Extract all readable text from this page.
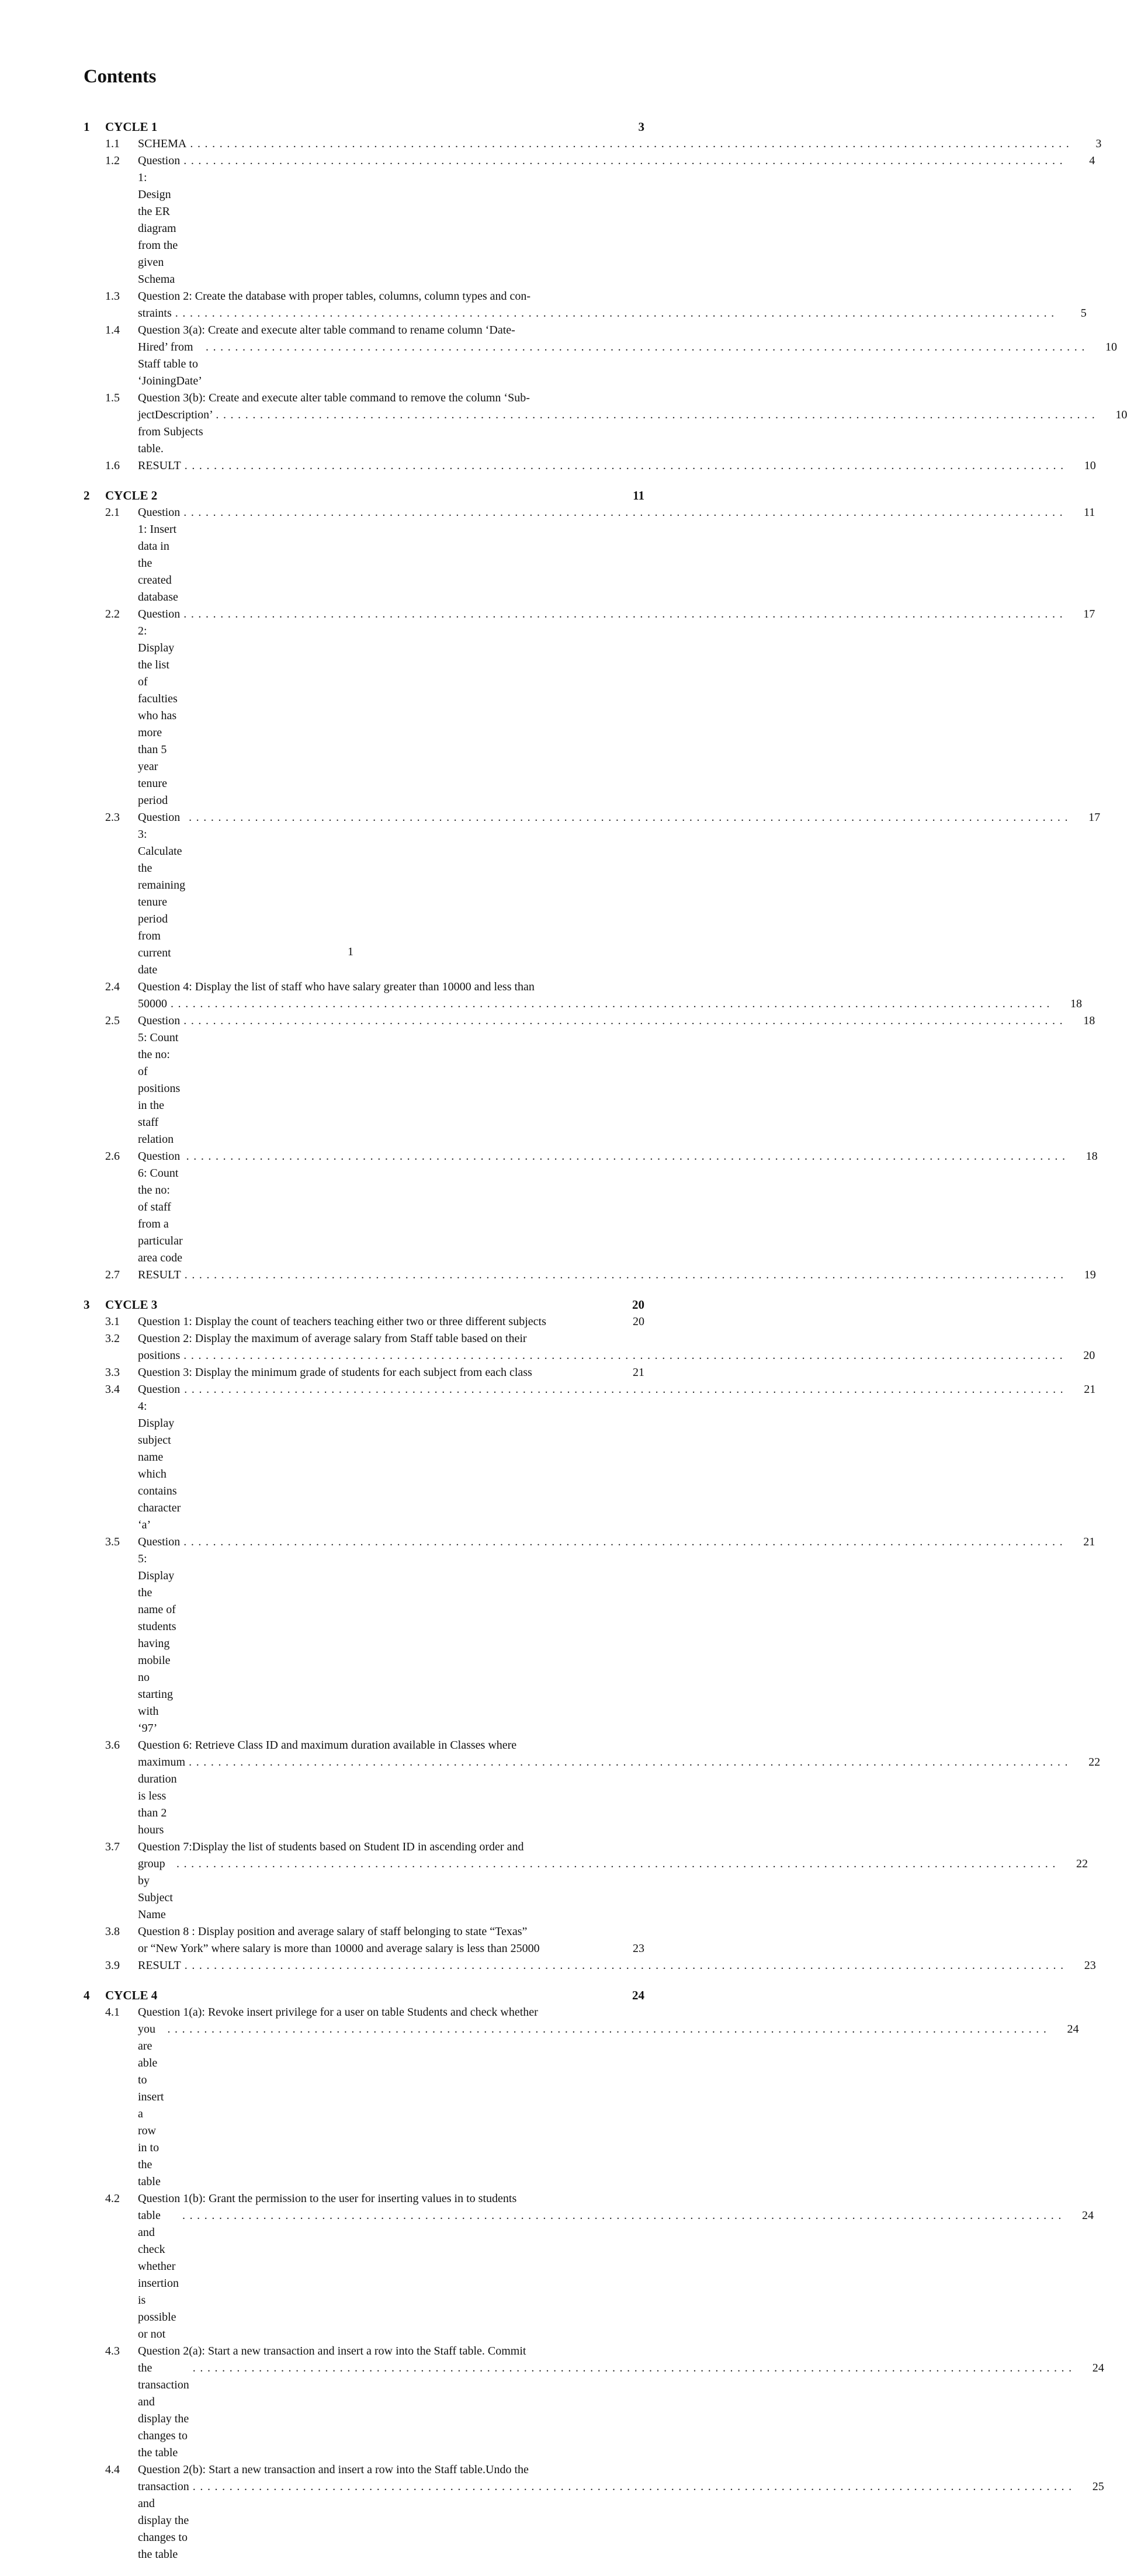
Contents
1	CYCLE 1	3
1.1	SCHEMA ........................................................................................................................	3
1.2	Question 1: Design the ER diagram from the given Schema
........................................................................................................................	4
1.3	Question 2: Create the database with proper tables, columns, column types and con-
straints ........................................................................................................................	5
1.4	Question 3(a): Create and execute alter table command to rename column ‘Date-
Hired’ from Staff table to ‘JoiningDate’
........................................................................................................................	10
1.5	Question 3(b): Create and execute alter table command to remove the column ‘Sub-
jectDescription’ from Subjects table.
........................................................................................................................	10
1.6	RESULT ........................................................................................................................	10
2	CYCLE 2	11
2.1	Question 1: Insert data in the created database
........................................................................................................................	11
2.2	Question 2: Display the list of faculties who has more than 5 year tenure period
........................................................................................................................	17
2.3	Question 3: Calculate the remaining tenure period from current date
........................................................................................................................	17
2.4	Question 4: Display the list of staff who have salary greater than 10000 and less than
50000 ........................................................................................................................	18
2.5	Question 5: Count the no: of positions in the staff relation
........................................................................................................................	18
2.6	Question 6: Count the no: of staff from a particular area code
........................................................................................................................	18
2.7	RESULT ........................................................................................................................	19
3	CYCLE 3	20
3.1	Question 1: Display the count of teachers teaching either two or three different subjects	20
3.2	Question 2: Display the maximum of average salary from Staff table based on their
positions ........................................................................................................................	20
3.3	Question 3: Display the minimum grade of students for each subject from each class	21
3.4	Question 4: Display subject name which contains character ‘a’
........................................................................................................................	21
3.5	Question 5: Display the name of students having mobile no starting with ‘97’
........................................................................................................................	21
3.6	Question 6: Retrieve Class ID and maximum duration available in Classes where
maximum duration is less than 2 hours
........................................................................................................................	22
3.7	Question 7:Display the list of students based on Student ID in ascending order and
group by Subject Name
........................................................................................................................	22
3.8	Question 8 : Display position and average salary of staff belonging to state “Texas”
or “New York” where salary is more than 10000 and average salary is less than 25000	23
3.9	RESULT ........................................................................................................................	23
4	CYCLE 4	24
4.1	Question 1(a): Revoke insert privilege for a user on table Students and check whether
you are able to insert a row in to the table
........................................................................................................................	24
4.2	Question 1(b): Grant the permission to the user for inserting values in to students
table and check whether insertion is possible or not
........................................................................................................................	24
4.3	Question 2(a): Start a new transaction and insert a row into the Staff table. Commit
the transaction and display the changes to the table
........................................................................................................................	24
4.4	Question 2(b): Start a new transaction and insert a row into the Staff table.Undo the
transaction and display the changes to the table
........................................................................................................................	25
1
